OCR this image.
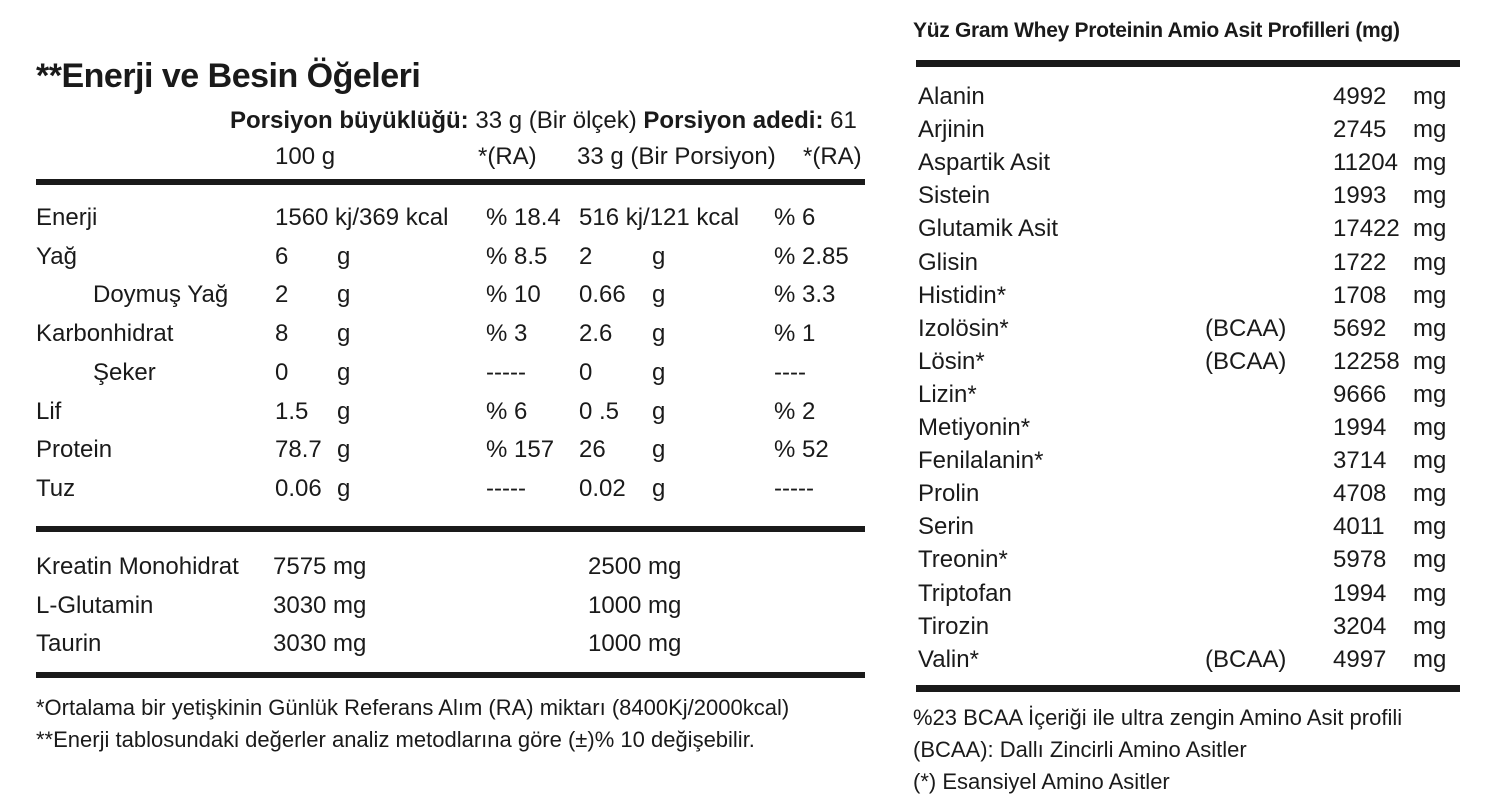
**Enerji ve Besin Öğeleri
Porsiyon büyüklüğü: 33 g (Bir ölçek) Porsiyon adedi: 61
100 g	*(RA) 33 g (Bir Porsiyon) *(RA)
Enerji	1560 kj/369 kcal % 18.4 516 kj/121 kcal % 6
Yağ	6 g	% 8.5 2 g	% 2.85
Doymuş Yağ 2 g	% 10 0.66 g	% 3.3
Karbonhidrat	8 g	% 3 2.6 g	% 1
Şeker	0 g	----- 0 g	----
Lif	1.5 g	% 6 0 .5 g	% 2
Protein	78.7 g	% 157 26 g	% 52
Tuz	0.06 g	----- 0.02 g	-----
Kreatin Monohidrat 7575 mg	2500 mg
L-Glutamin	3030 mg	1000 mg
Taurin	3030 mg	1000 mg
*Ortalama bir yetişkinin Günlük Referans Alım (RA) miktarı (8400Kj/2000kcal)
**Enerji tablosundaki değerler analiz metodlarına göre (±)% 10 değişebilir.
Yüz Gram Whey Proteinin Amio Asit Profilleri (mg)
Alanin	4992 mg
Arjinin	2745 mg
Aspartik Asit	11204 mg
Sistein	1993 mg
Glutamik Asit	17422 mg
Glisin	1722 mg
Histidin*	1708 mg
Izolösin*	(BCAA) 5692 mg
Lösin*	(BCAA) 12258 mg
Lizin*	9666 mg
Metiyonin*	1994 mg
Fenilalanin*	3714 mg
Prolin	4708 mg
Serin	4011 mg
Treonin*	5978 mg
Triptofan	1994 mg
Tirozin	3204 mg
Valin*	(BCAA) 4997 mg
%23 BCAA İçeriği ile ultra zengin Amino Asit profili
(BCAA): Dallı Zincirli Amino Asitler
(*) Esansiyel Amino Asitler
